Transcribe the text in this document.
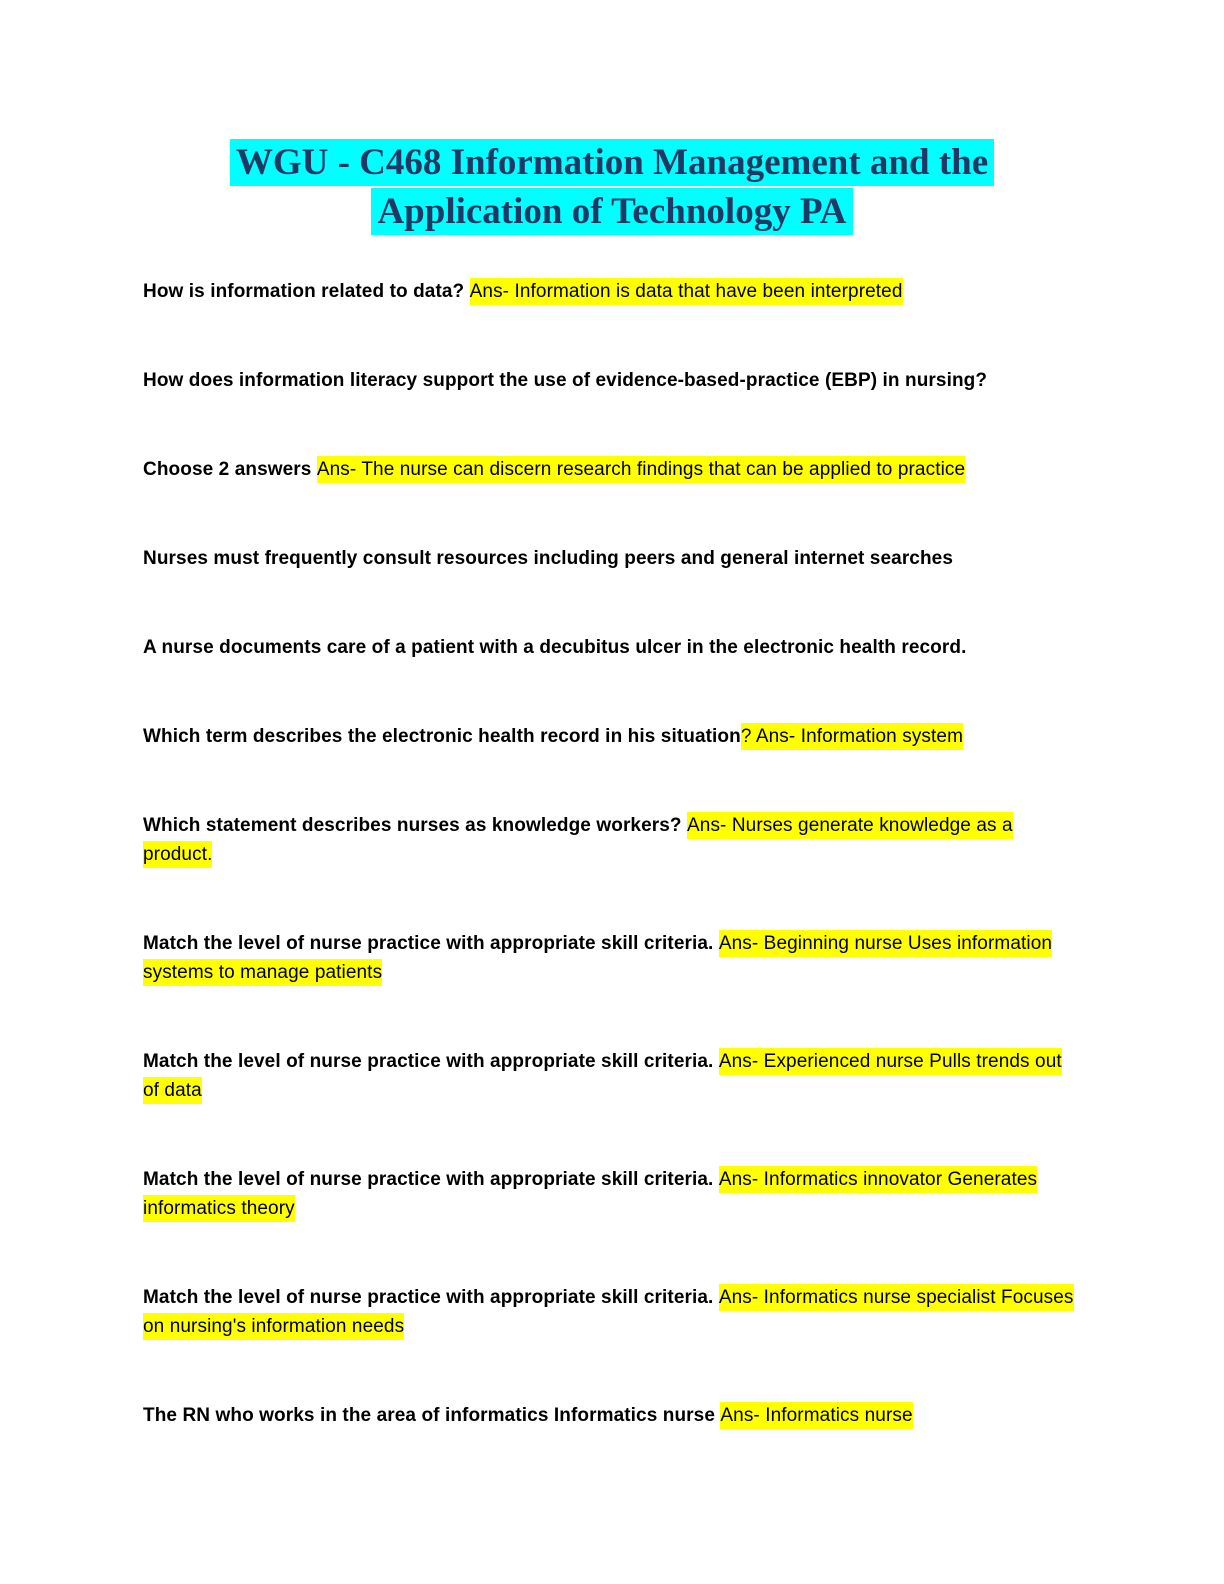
WGU - C468 Information Management and the
Application of Technology PA

How is information related to data? Ans- Information is data that have been interpreted

How does information literacy support the use of evidence-based-practice (EBP) in nursing?

Choose 2 answers Ans- The nurse can discern research findings that can be applied to practice

Nurses must frequently consult resources including peers and general internet searches

A nurse documents care of a patient with a decubitus ulcer in the electronic health record.

Which term describes the electronic health record in his situation? Ans- Information system

Which statement describes nurses as knowledge workers? Ans- Nurses generate knowledge as a
product.

Match the level of nurse practice with appropriate skill criteria. Ans- Beginning nurse Uses information
systems to manage patients

Match the level of nurse practice with appropriate skill criteria. Ans- Experienced nurse Pulls trends out
of data

Match the level of nurse practice with appropriate skill criteria. Ans- Informatics innovator Generates
informatics theory

Match the level of nurse practice with appropriate skill criteria. Ans- Informatics nurse specialist Focuses
on nursing's information needs

The RN who works in the area of informatics Informatics nurse Ans- Informatics nurse
